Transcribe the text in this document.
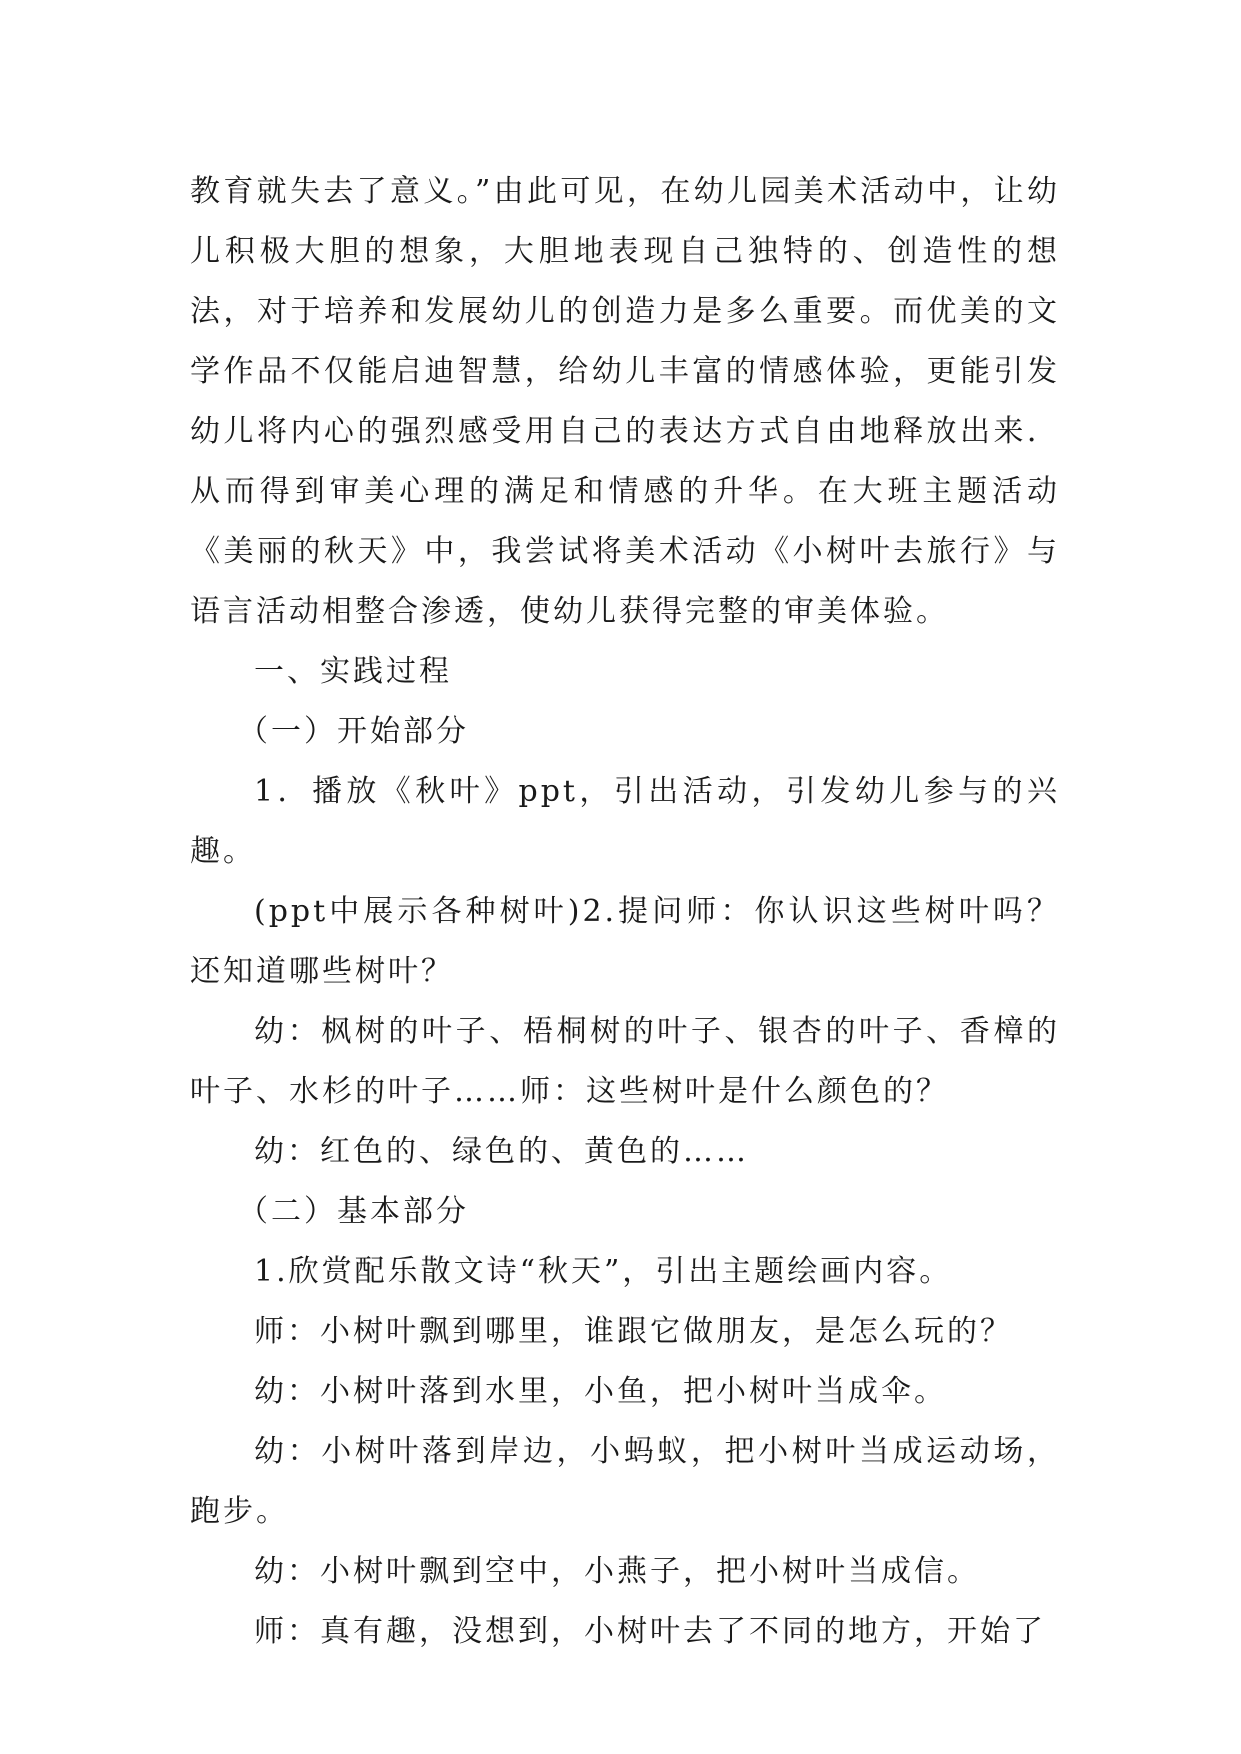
教育就失去了意义。”由此可见，在幼儿园美术活动中，让幼儿积极大胆的想象，大胆地表现自己独特的、创造性的想法，对于培养和发展幼儿的创造力是多么重要。而优美的文学作品不仅能启迪智慧，给幼儿丰富的情感体验，更能引发幼儿将内心的强烈感受用自己的表达方式自由地释放出来．从而得到审美心理的满足和情感的升华。在大班主题活动《美丽的秋天》中，我尝试将美术活动《小树叶去旅行》与语言活动相整合渗透，使幼儿获得完整的审美体验。

一、实践过程

（一）开始部分

1．播放《秋叶》ppt，引出活动，引发幼儿参与的兴趣。

(ppt中展示各种树叶)2.提问师：你认识这些树叶吗？还知道哪些树叶？

幼：枫树的叶子、梧桐树的叶子、银杏的叶子、香樟的叶子、水杉的叶子……师：这些树叶是什么颜色的？

幼：红色的、绿色的、黄色的……

（二）基本部分

1.欣赏配乐散文诗“秋天”，引出主题绘画内容。

师：小树叶飘到哪里，谁跟它做朋友，是怎么玩的？

幼：小树叶落到水里，小鱼，把小树叶当成伞。

幼：小树叶落到岸边，小蚂蚁，把小树叶当成运动场，跑步。

幼：小树叶飘到空中，小燕子，把小树叶当成信。

师：真有趣，没想到，小树叶去了不同的地方，开始了
